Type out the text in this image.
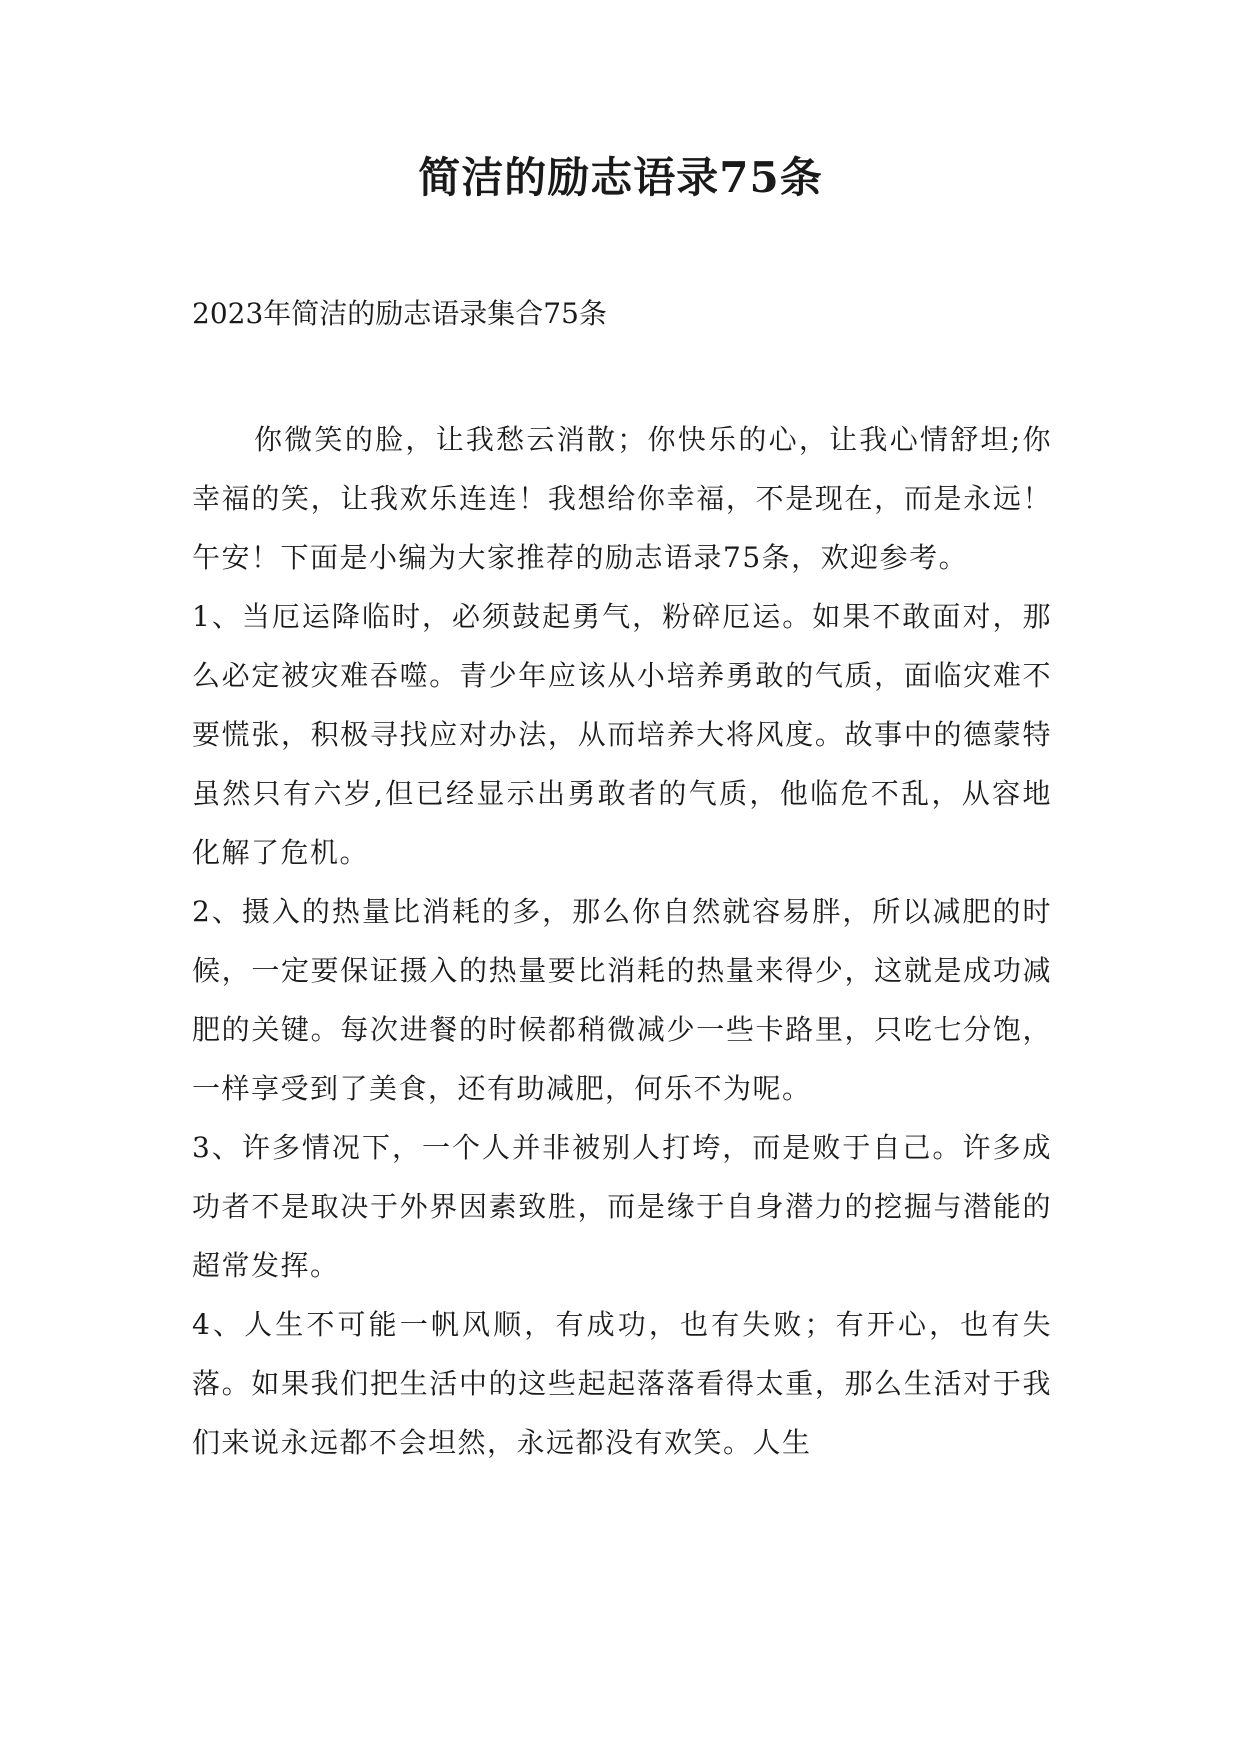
简洁的励志语录75条
2023年简洁的励志语录集合75条

你微笑的脸，让我愁云消散；你快乐的心，让我心情舒坦;你幸福的笑，让我欢乐连连！我想给你幸福，不是现在，而是永远！午安！下面是小编为大家推荐的励志语录75条，欢迎参考。

1、当厄运降临时，必须鼓起勇气，粉碎厄运。如果不敢面对，那么必定被灾难吞噬。青少年应该从小培养勇敢的气质，面临灾难不要慌张，积极寻找应对办法，从而培养大将风度。故事中的德蒙特虽然只有六岁,但已经显示出勇敢者的气质，他临危不乱，从容地化解了危机。

2、摄入的热量比消耗的多，那么你自然就容易胖，所以减肥的时候，一定要保证摄入的热量要比消耗的热量来得少，这就是成功减肥的关键。每次进餐的时候都稍微减少一些卡路里，只吃七分饱，一样享受到了美食，还有助减肥，何乐不为呢。

3、许多情况下，一个人并非被别人打垮，而是败于自己。许多成功者不是取决于外界因素致胜，而是缘于自身潜力的挖掘与潜能的超常发挥。

4、人生不可能一帆风顺，有成功，也有失败；有开心，也有失落。如果我们把生活中的这些起起落落看得太重，那么生活对于我们来说永远都不会坦然，永远都没有欢笑。人生
